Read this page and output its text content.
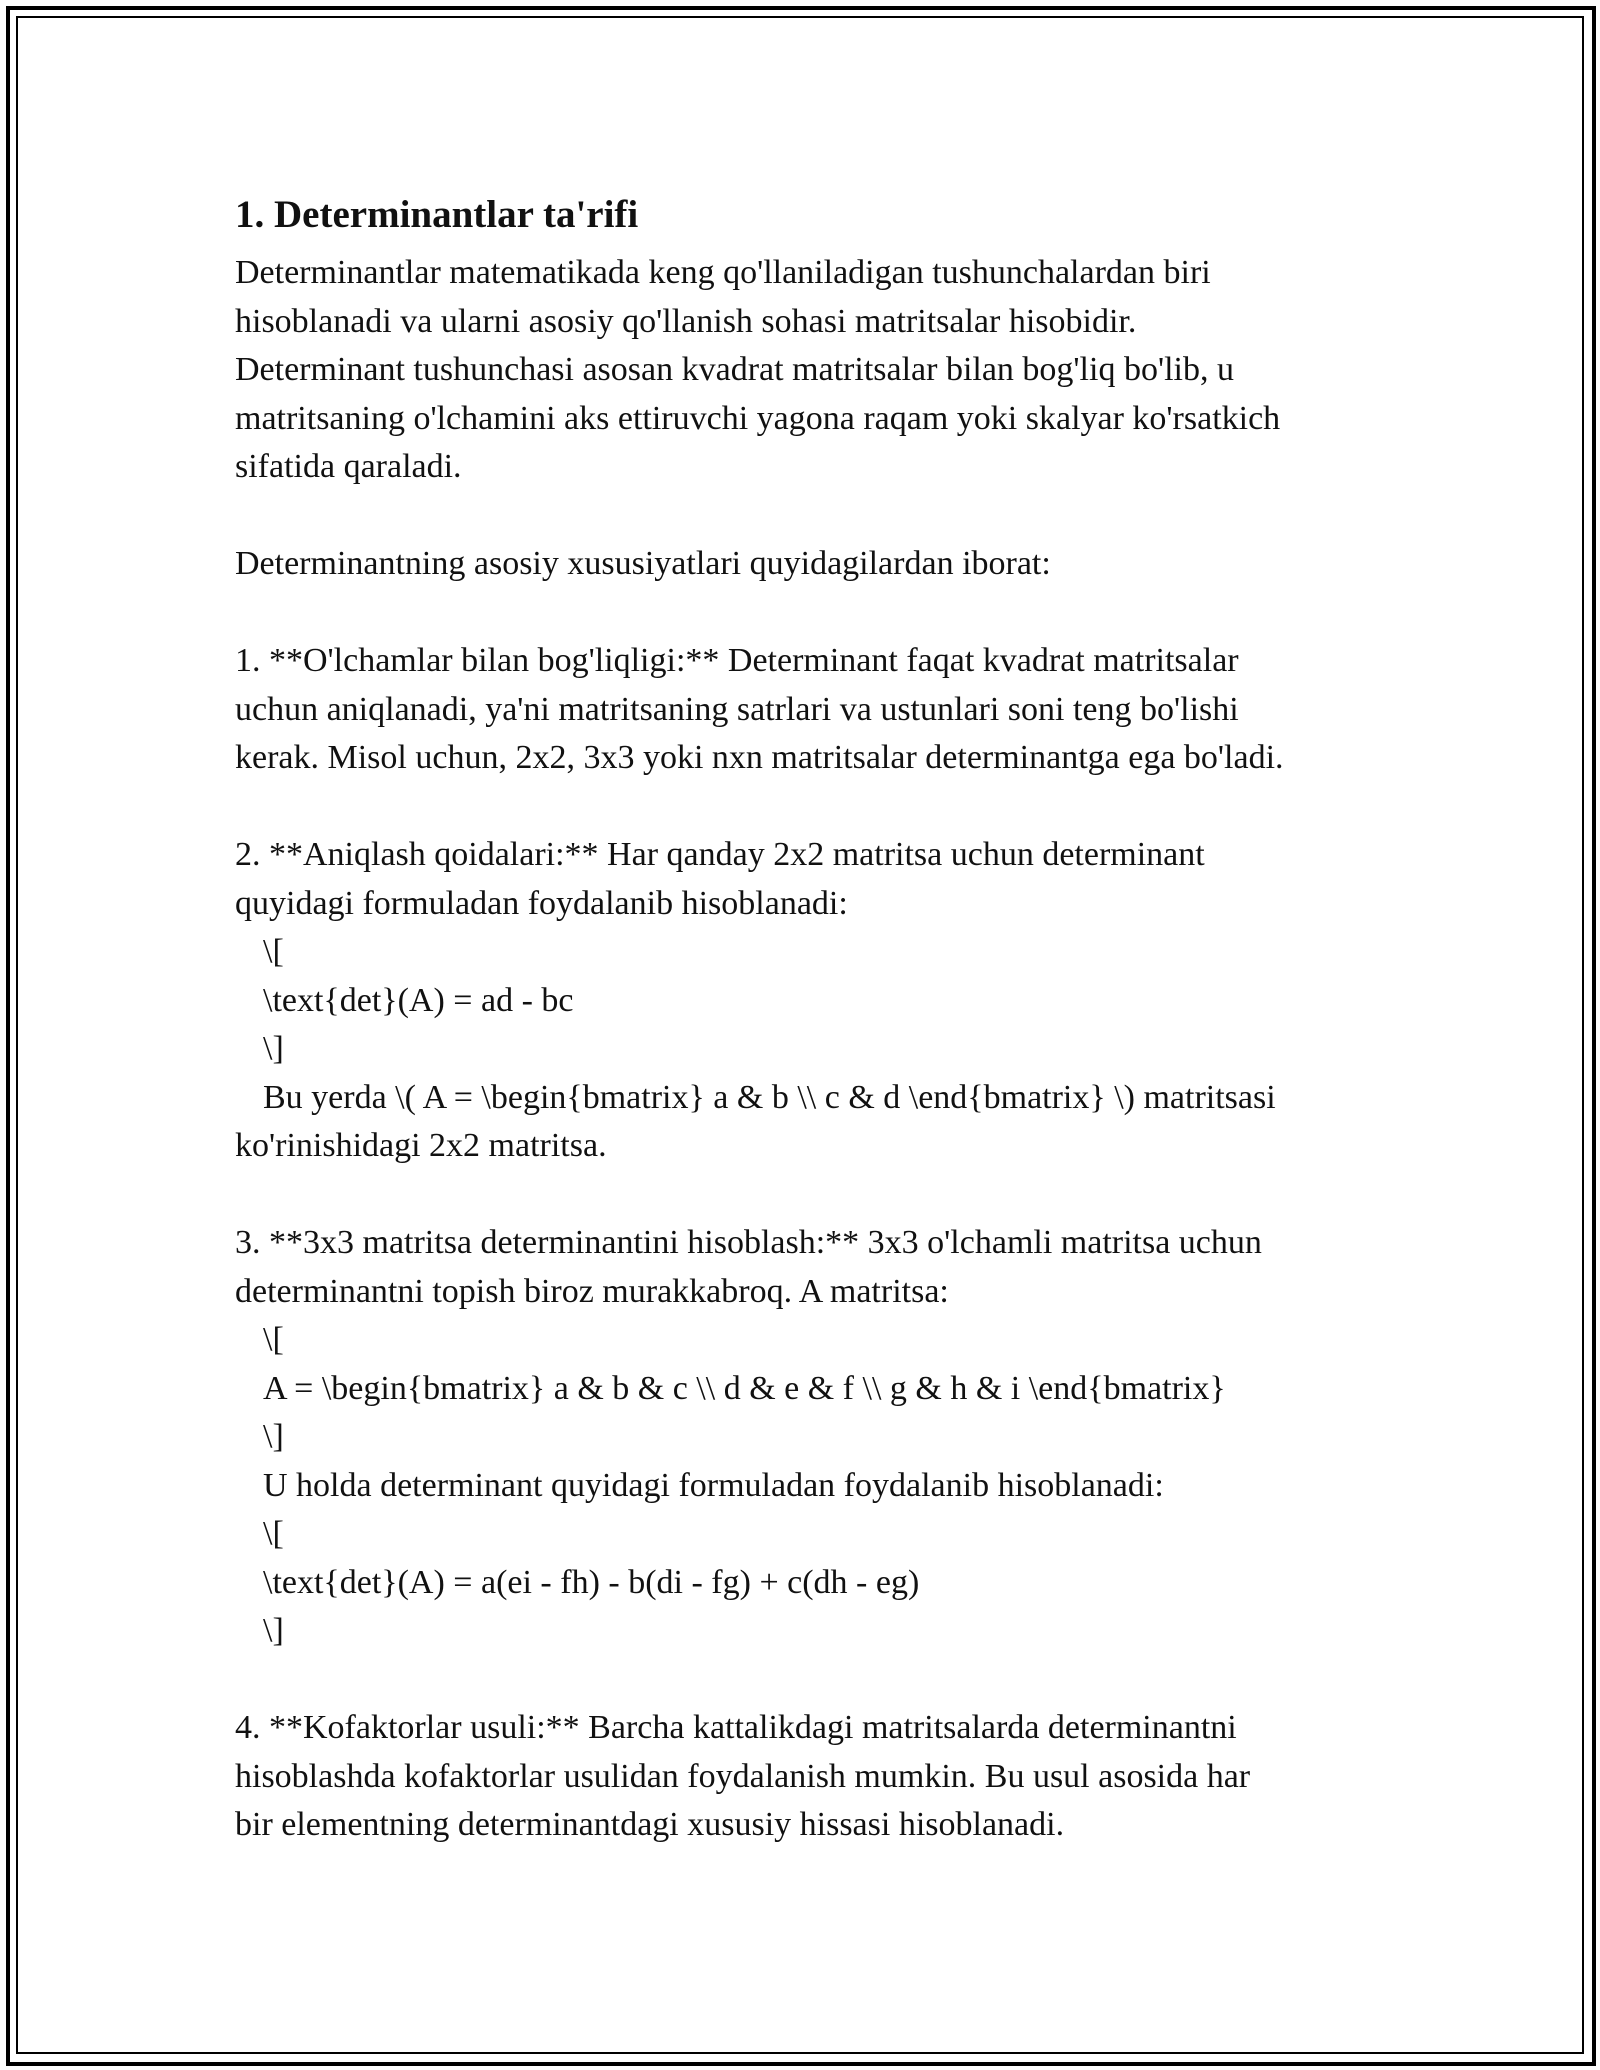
1. Determinantlar ta'rifi
Determinantlar matematikada keng qo'llaniladigan tushunchalardan biri
hisoblanadi va ularni asosiy qo'llanish sohasi matritsalar hisobidir.
Determinant tushunchasi asosan kvadrat matritsalar bilan bog'liq bo'lib, u
matritsaning o'lchamini aks ettiruvchi yagona raqam yoki skalyar ko'rsatkich
sifatida qaraladi.
Determinantning asosiy xususiyatlari quyidagilardan iborat:
1. **O'lchamlar bilan bog'liqligi:** Determinant faqat kvadrat matritsalar
uchun aniqlanadi, ya'ni matritsaning satrlari va ustunlari soni teng bo'lishi
kerak. Misol uchun, 2x2, 3x3 yoki nxn matritsalar determinantga ega bo'ladi.
2. **Aniqlash qoidalari:** Har qanday 2x2 matritsa uchun determinant
quyidagi formuladan foydalanib hisoblanadi:
\[
\text{det}(A) = ad - bc
\]
Bu yerda \( A = \begin{bmatrix} a & b \\ c & d \end{bmatrix} \) matritsasi
ko'rinishidagi 2x2 matritsa.
3. **3x3 matritsa determinantini hisoblash:** 3x3 o'lchamli matritsa uchun
determinantni topish biroz murakkabroq. A matritsa:
\[
A = \begin{bmatrix} a & b & c \\ d & e & f \\ g & h & i \end{bmatrix}
\]
U holda determinant quyidagi formuladan foydalanib hisoblanadi:
\[
\text{det}(A) = a(ei - fh) - b(di - fg) + c(dh - eg)
\]
4. **Kofaktorlar usuli:** Barcha kattalikdagi matritsalarda determinantni
hisoblashda kofaktorlar usulidan foydalanish mumkin. Bu usul asosida har
bir elementning determinantdagi xususiy hissasi hisoblanadi.
